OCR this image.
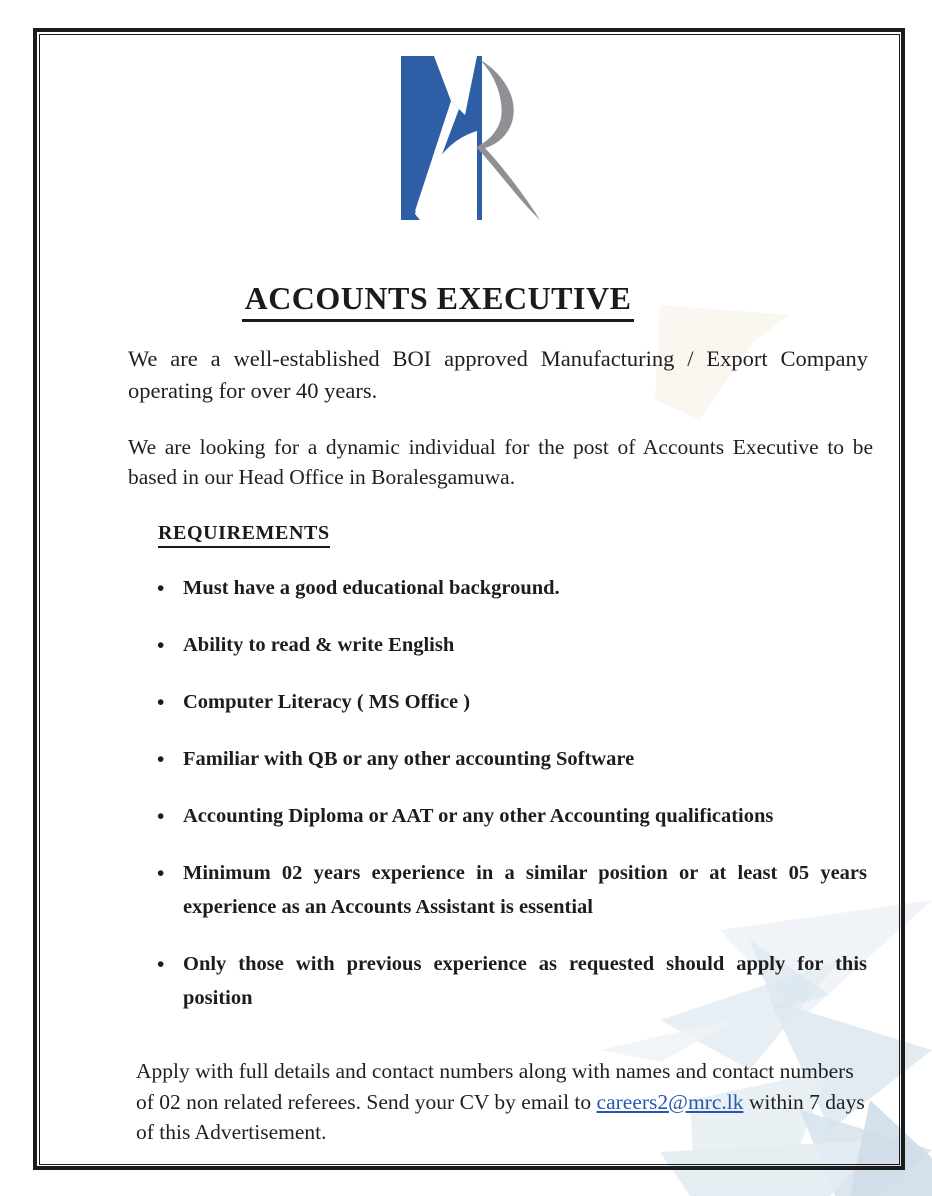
ACCOUNTS EXECUTIVE

We are a well-established BOI approved Manufacturing / Export Company operating for over 40 years.

We are looking for a dynamic individual for the post of Accounts Executive to be based in our Head Office in Boralesgamuwa.

REQUIREMENTS
• Must have a good educational background.
• Ability to read & write English
• Computer Literacy ( MS Office )
• Familiar with QB or any other accounting Software
• Accounting Diploma or AAT or any other Accounting qualifications
• Minimum 02 years experience in a similar position or at least 05 years experience as an Accounts Assistant is essential
• Only those with previous experience as requested should apply for this position

Apply with full details and contact numbers along with names and contact numbers of 02 non related referees. Send your CV by email to careers2@mrc.lk within 7 days of this Advertisement.
